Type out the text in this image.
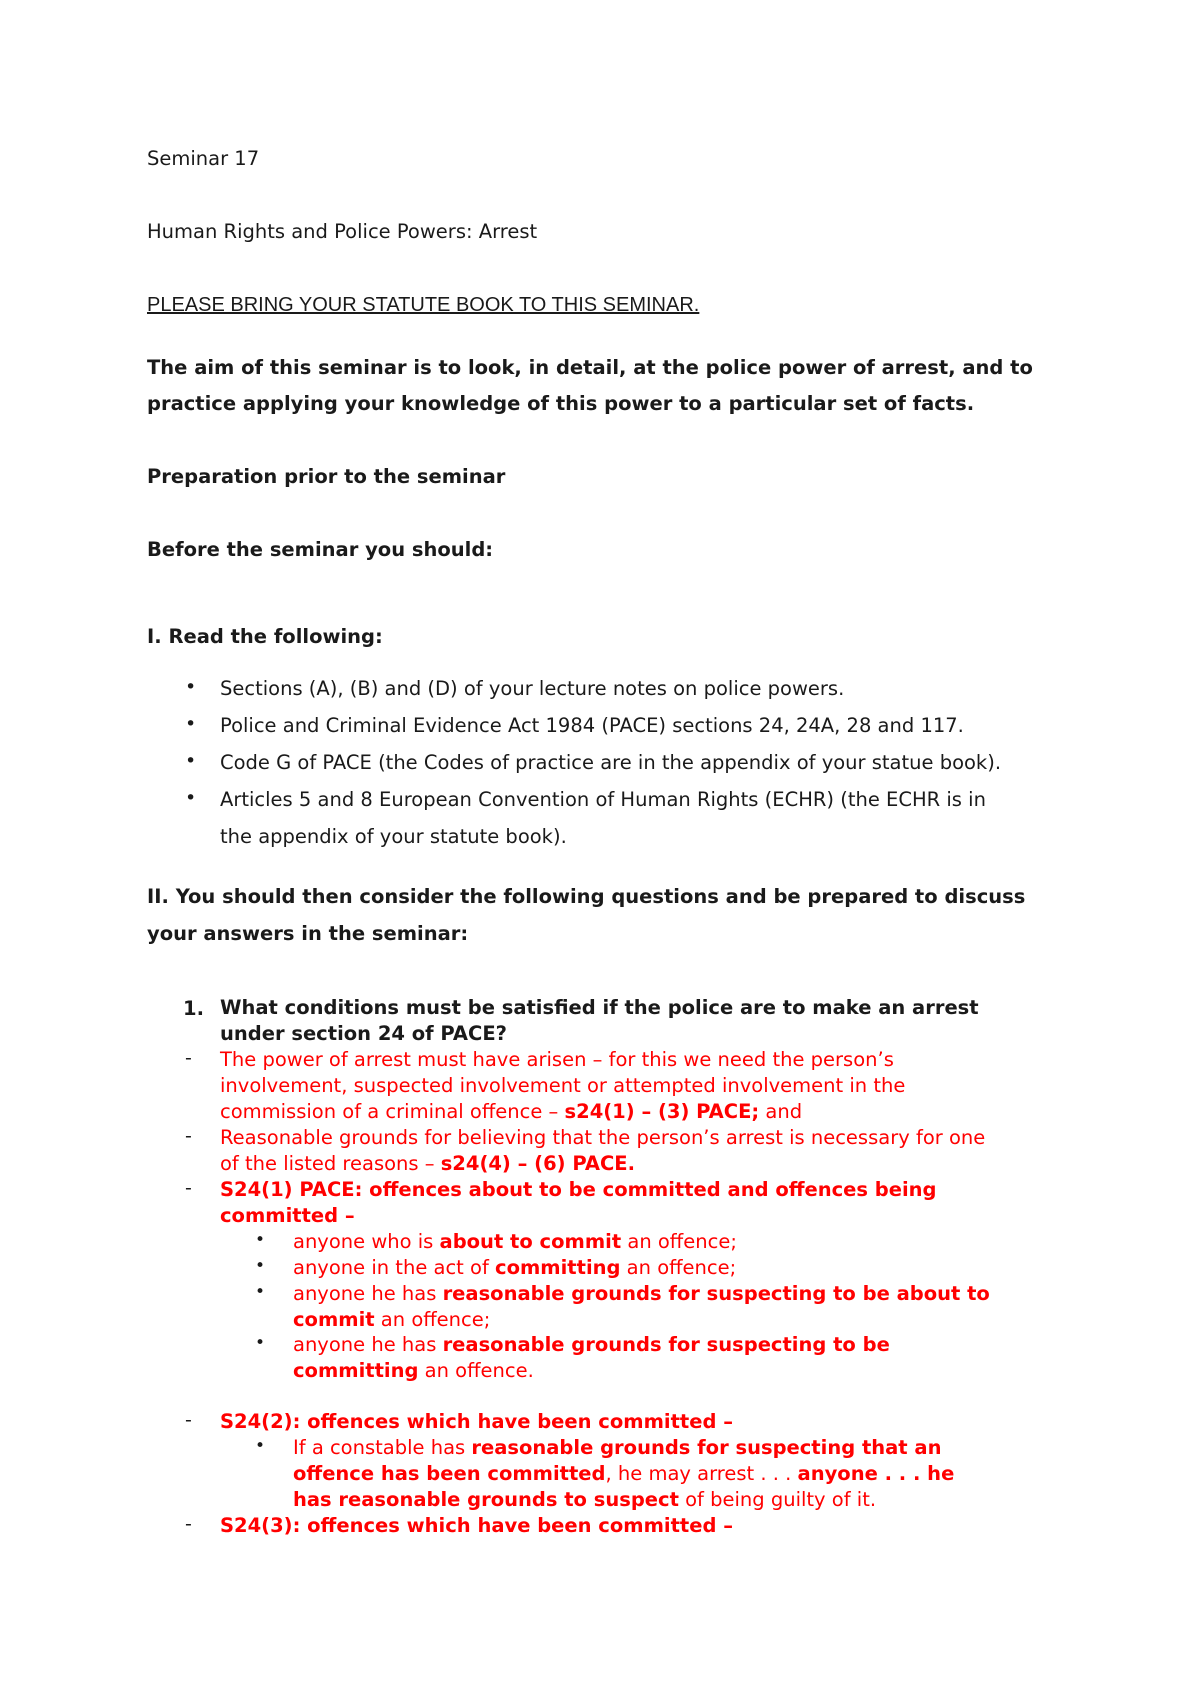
Seminar 17
Human Rights and Police Powers: Arrest
PLEASE BRING YOUR STATUTE BOOK TO THIS SEMINAR.
The aim of this seminar is to look, in detail, at the police power of arrest, and to
practice applying your knowledge of this power to a particular set of facts.
Preparation prior to the seminar
Before the seminar you should:
I. Read the following:
• Sections (A), (B) and (D) of your lecture notes on police powers.
• Police and Criminal Evidence Act 1984 (PACE) sections 24, 24A, 28 and 117.
• Code G of PACE (the Codes of practice are in the appendix of your statue book).
• Articles 5 and 8 European Convention of Human Rights (ECHR) (the ECHR is in
the appendix of your statute book).
II. You should then consider the following questions and be prepared to discuss
your answers in the seminar:
1. What conditions must be satisfied if the police are to make an arrest
under section 24 of PACE?
- The power of arrest must have arisen – for this we need the person’s
involvement, suspected involvement or attempted involvement in the
commission of a criminal offence – s24(1) – (3) PACE; and
- Reasonable grounds for believing that the person’s arrest is necessary for one
of the listed reasons – s24(4) – (6) PACE.
- S24(1) PACE: offences about to be committed and offences being
committed –
• anyone who is about to commit an offence;
• anyone in the act of committing an offence;
• anyone he has reasonable grounds for suspecting to be about to
commit an offence;
• anyone he has reasonable grounds for suspecting to be
committing an offence.
- S24(2): offences which have been committed –
• If a constable has reasonable grounds for suspecting that an
offence has been committed, he may arrest . . . anyone . . . he
has reasonable grounds to suspect of being guilty of it.
- S24(3): offences which have been committed –
